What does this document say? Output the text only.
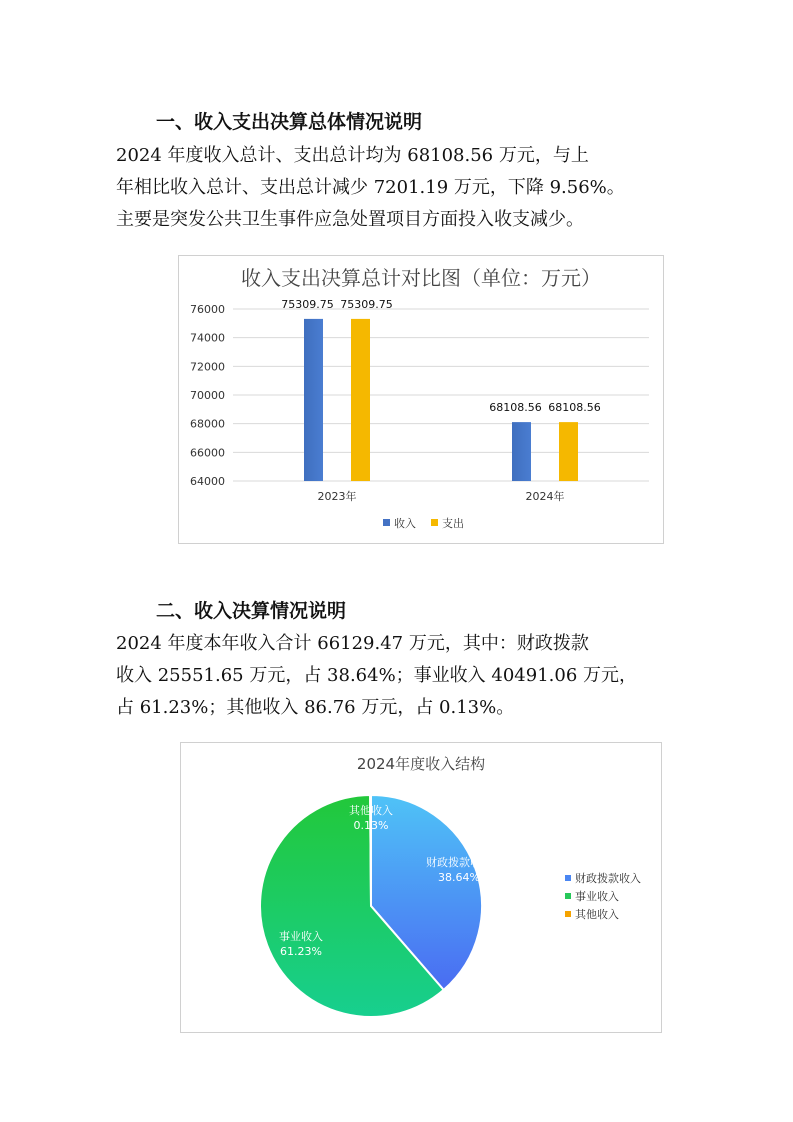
一、收入支出决算总体情况说明

2024 年度收入总计、支出总计均为 68108.56 万元，与上

年相比收入总计、支出总计减少 7201.19 万元，下降 9.56%。

主要是突发公共卫生事件应急处置项目方面投入收支减少。

收入支出决算总计对比图（单位：万元）
64000
66000
68000
70000
72000
74000
76000	75309.75 75309.75
68108.56 68108.56
2023年	2024年
收入 支出
二、收入决算情况说明

2024 年度本年收入合计 66129.47 万元，其中：财政拨款

收入 25551.65 万元，占 38.64%；事业收入 40491.06 万元，

占 61.23%；其他收入 86.76 万元，占 0.13%。

2024年度收入结构
财政拨款收入
38.64%
事业收入
61.23%
其他收入
0.13%
财政拨款收入
事业收入
其他收入
